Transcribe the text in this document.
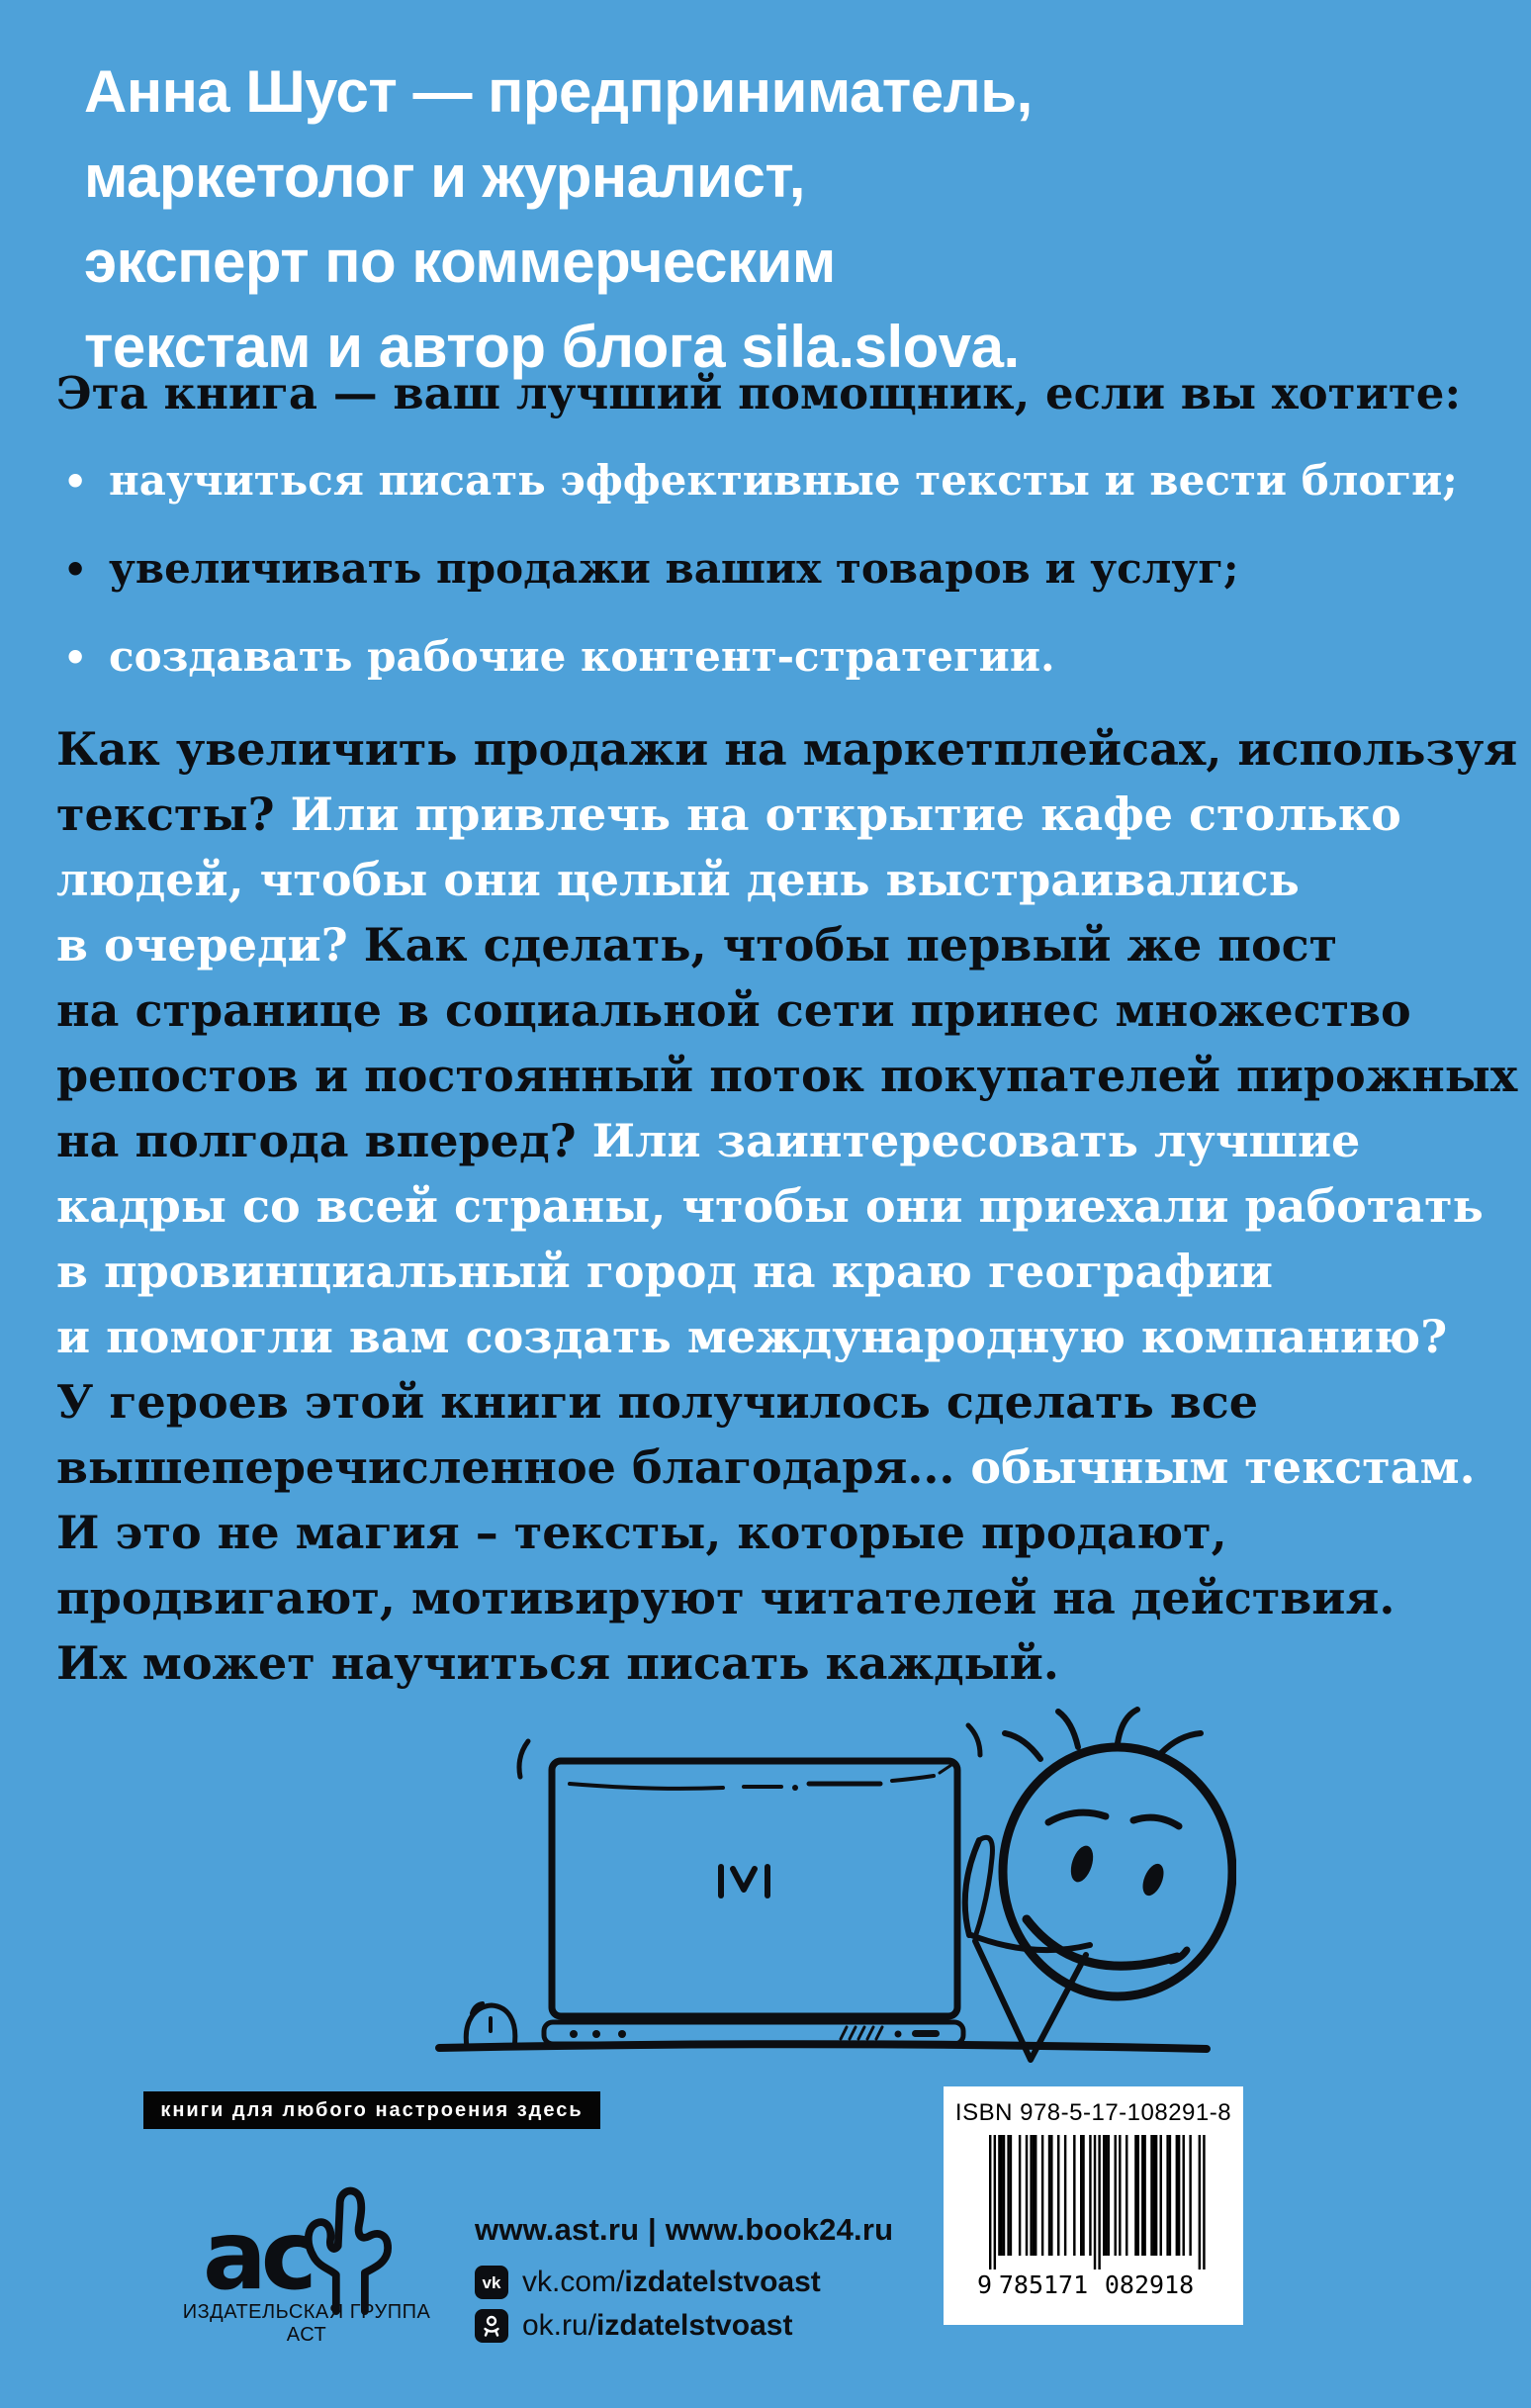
Анна Шуст — предприниматель,
маркетолог и журналист,
эксперт по коммерческим
текстам и автор блога sila.slova.
Эта книга — ваш лучший помощник, если вы хотите:
• научиться писать эффективные тексты и вести блоги;
• увеличивать продажи ваших товаров и услуг;
• создавать рабочие контент-стратегии.
Как увеличить продажи на маркетплейсах, используя
тексты? Или привлечь на открытие кафе столько
людей, чтобы они целый день выстраивались
в очереди? Как сделать, чтобы первый же пост
на странице в социальной сети принес множество
репостов и постоянный поток покупателей пирожных
на полгода вперед? Или заинтересовать лучшие
кадры со всей страны, чтобы они приехали работать
в провинциальный город на краю географии
и помогли вам создать международную компанию?
У героев этой книги получилось сделать все
вышеперечисленное благодаря... обычным текстам.
И это не магия – тексты, которые продают,
продвигают, мотивируют читателей на действия.
Их может научиться писать каждый.
книги для любого настроения здесь	ISBN 978-5-17-108291-8
9 785171 082918
ас
ИЗДАТЕЛЬСКАЯ ГРУППА АСТ
www.ast.ru | www.book24.ru
vk vk.com/izdatelstvoast
ok.ru/izdatelstvoast
